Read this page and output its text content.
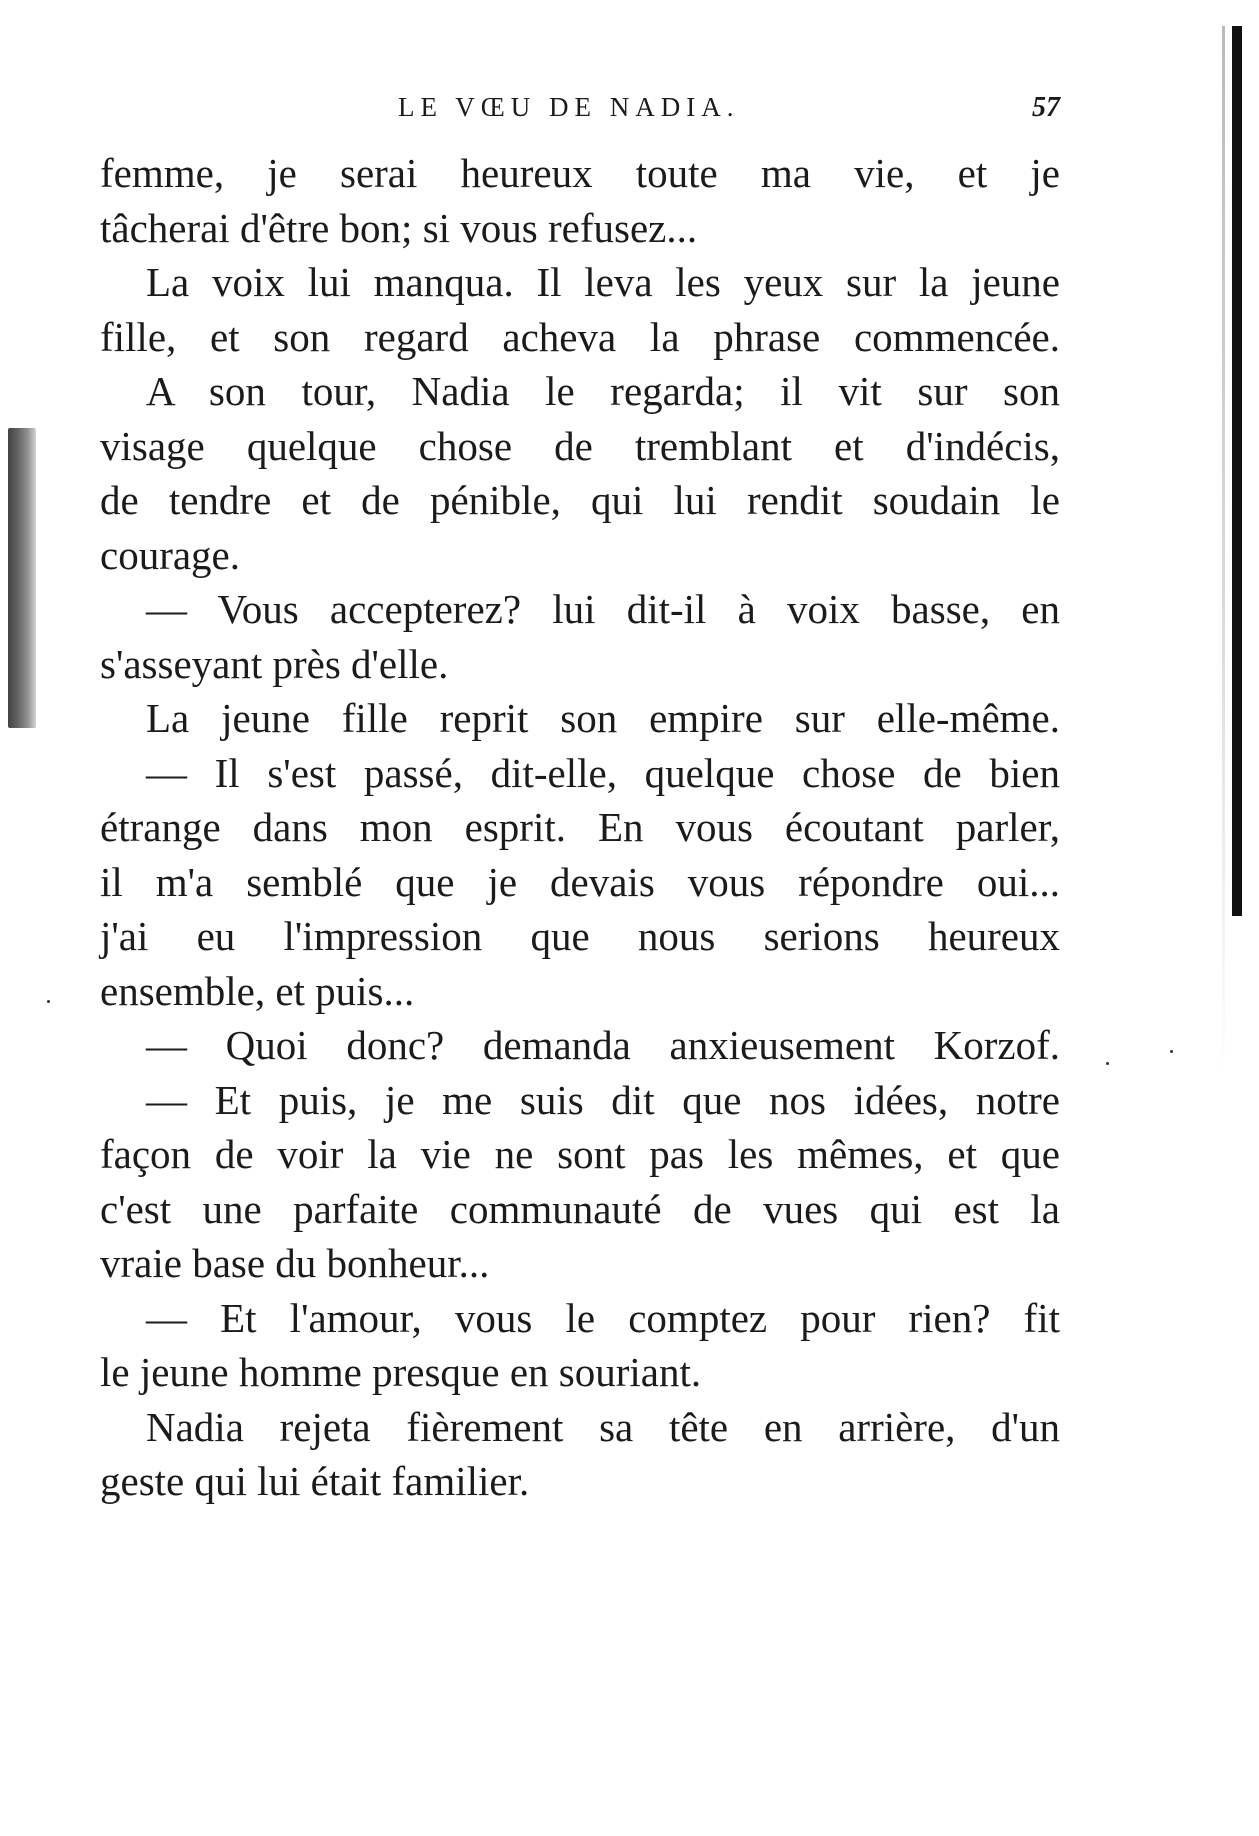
LE VŒU DE NADIA.	57

femme, je serai heureux toute ma vie, et je

tâcherai d'être bon; si vous refusez...

La voix lui manqua. Il leva les yeux sur la jeune

fille, et son regard acheva la phrase commencée.

A son tour, Nadia le regarda; il vit sur son

visage quelque chose de tremblant et d'indécis,

de tendre et de pénible, qui lui rendit soudain le

courage.

— Vous accepterez? lui dit-il à voix basse, en

s'asseyant près d'elle.

La jeune fille reprit son empire sur elle-même.

— Il s'est passé, dit-elle, quelque chose de bien

étrange dans mon esprit. En vous écoutant parler,

il m'a semblé que je devais vous répondre oui...

j'ai eu l'impression que nous serions heureux

ensemble, et puis...

— Quoi donc? demanda anxieusement Korzof.

— Et puis, je me suis dit que nos idées, notre

façon de voir la vie ne sont pas les mêmes, et que

c'est une parfaite communauté de vues qui est la

vraie base du bonheur...

— Et l'amour, vous le comptez pour rien? fit

le jeune homme presque en souriant.

Nadia rejeta fièrement sa tête en arrière, d'un

geste qui lui était familier.
